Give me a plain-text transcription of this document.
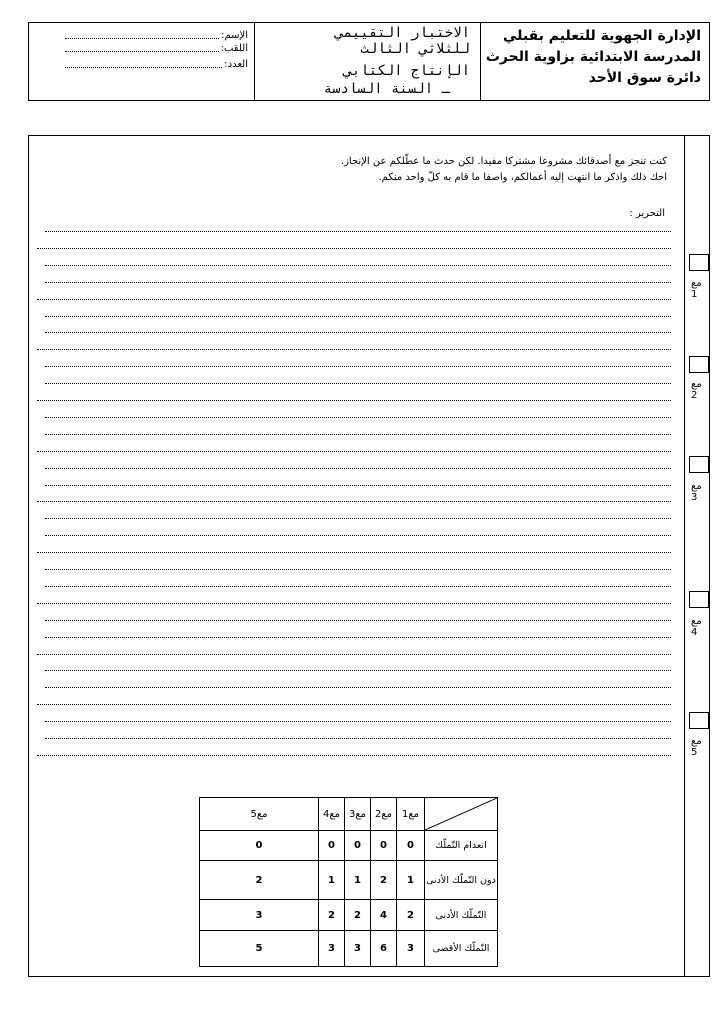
الإسم:
اللقب:
العدد:
الاختبار التقييمي
للثلاثي الثالث
الإنتاج الكتابي
ـ السنة السادسة
الإدارة الجهوية للتعليم بقبلي
المدرسة الابتدائية بزاوية الحرث
دائرة سوق الأحد
كنت تنجز مع أصدقائك مشروعا مشتركا مفيدا. لكن حدث ما عطّلكم عن الإنجاز.
احك ذلك واذكر ما انتهت إليه أعمالكم، واصفا ما قام به كلّ واحد منكم.
التحرير :
مع
1
مع
2
مع
3
مع
4
مع
5
	مع1	مع2	مع3	مع4	مع5
انعدام التّملّك	0	0	0	0	0
دون التّملّك الأدنى	1	2	1	1	2
التّملّك الأدنى	2	4	2	2	3
التّملّك الأقصى	3	6	3	3	5
